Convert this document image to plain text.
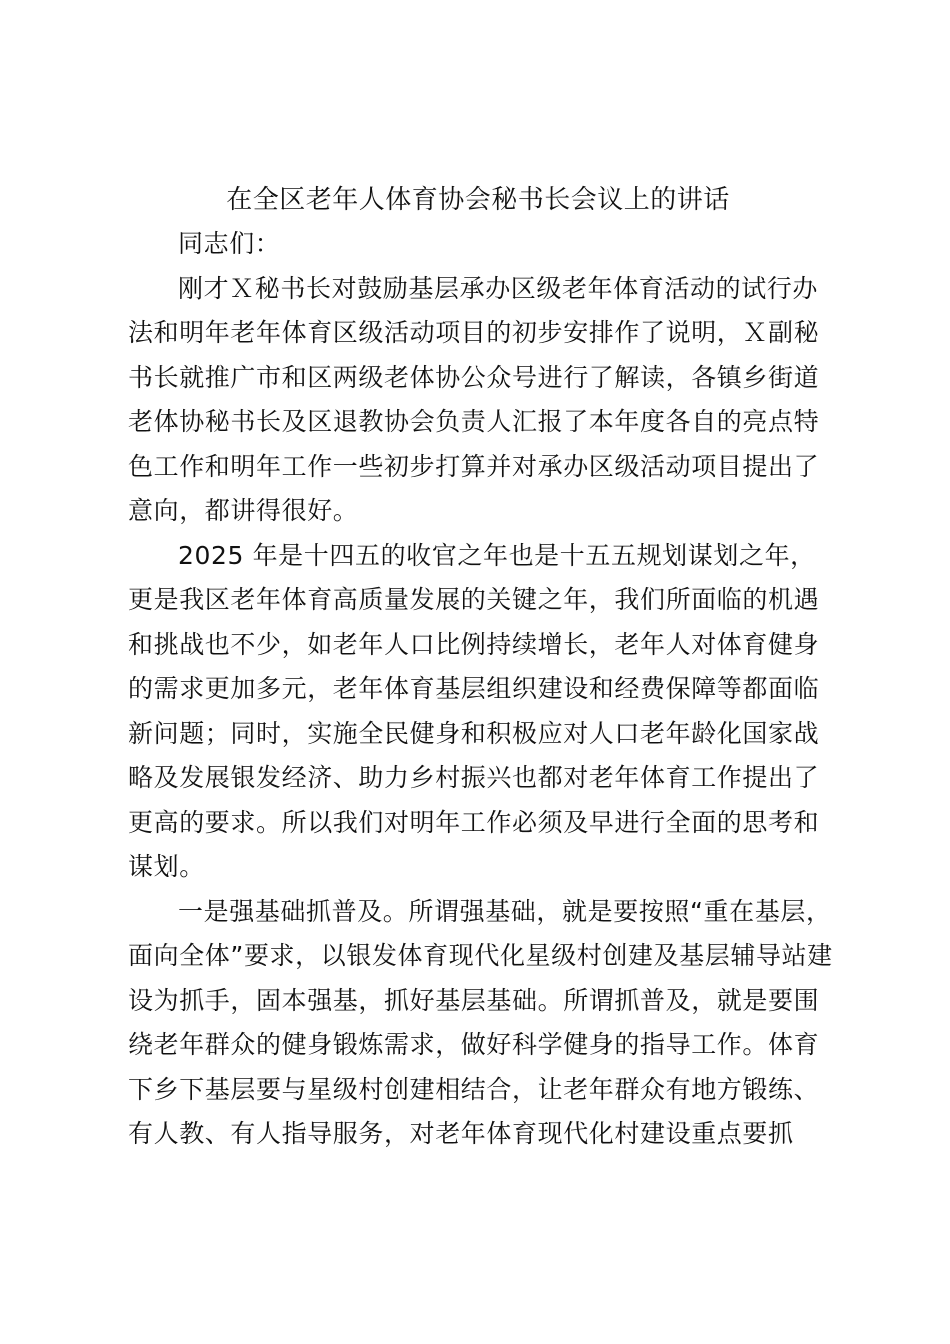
在全区老年人体育协会秘书长会议上的讲话
同志们：
刚才Ｘ秘书长对鼓励基层承办区级老年体育活动的试行办
法和明年老年体育区级活动项目的初步安排作了说明，Ｘ副秘
书长就推广市和区两级老体协公众号进行了解读，各镇乡街道
老体协秘书长及区退教协会负责人汇报了本年度各自的亮点特
色工作和明年工作一些初步打算并对承办区级活动项目提出了
意向，都讲得很好。
2025 年是十四五的收官之年也是十五五规划谋划之年，
更是我区老年体育高质量发展的关键之年，我们所面临的机遇
和挑战也不少，如老年人口比例持续增长，老年人对体育健身
的需求更加多元，老年体育基层组织建设和经费保障等都面临
新问题；同时，实施全民健身和积极应对人口老年龄化国家战
略及发展银发经济、助力乡村振兴也都对老年体育工作提出了
更高的要求。所以我们对明年工作必须及早进行全面的思考和
谋划。
一是强基础抓普及。所谓强基础，就是要按照“重在基层，
面向全体”要求，以银发体育现代化星级村创建及基层辅导站建
设为抓手，固本强基，抓好基层基础。所谓抓普及，就是要围
绕老年群众的健身锻炼需求，做好科学健身的指导工作。体育
下乡下基层要与星级村创建相结合，让老年群众有地方锻练、
有人教、有人指导服务，对老年体育现代化村建设重点要抓
